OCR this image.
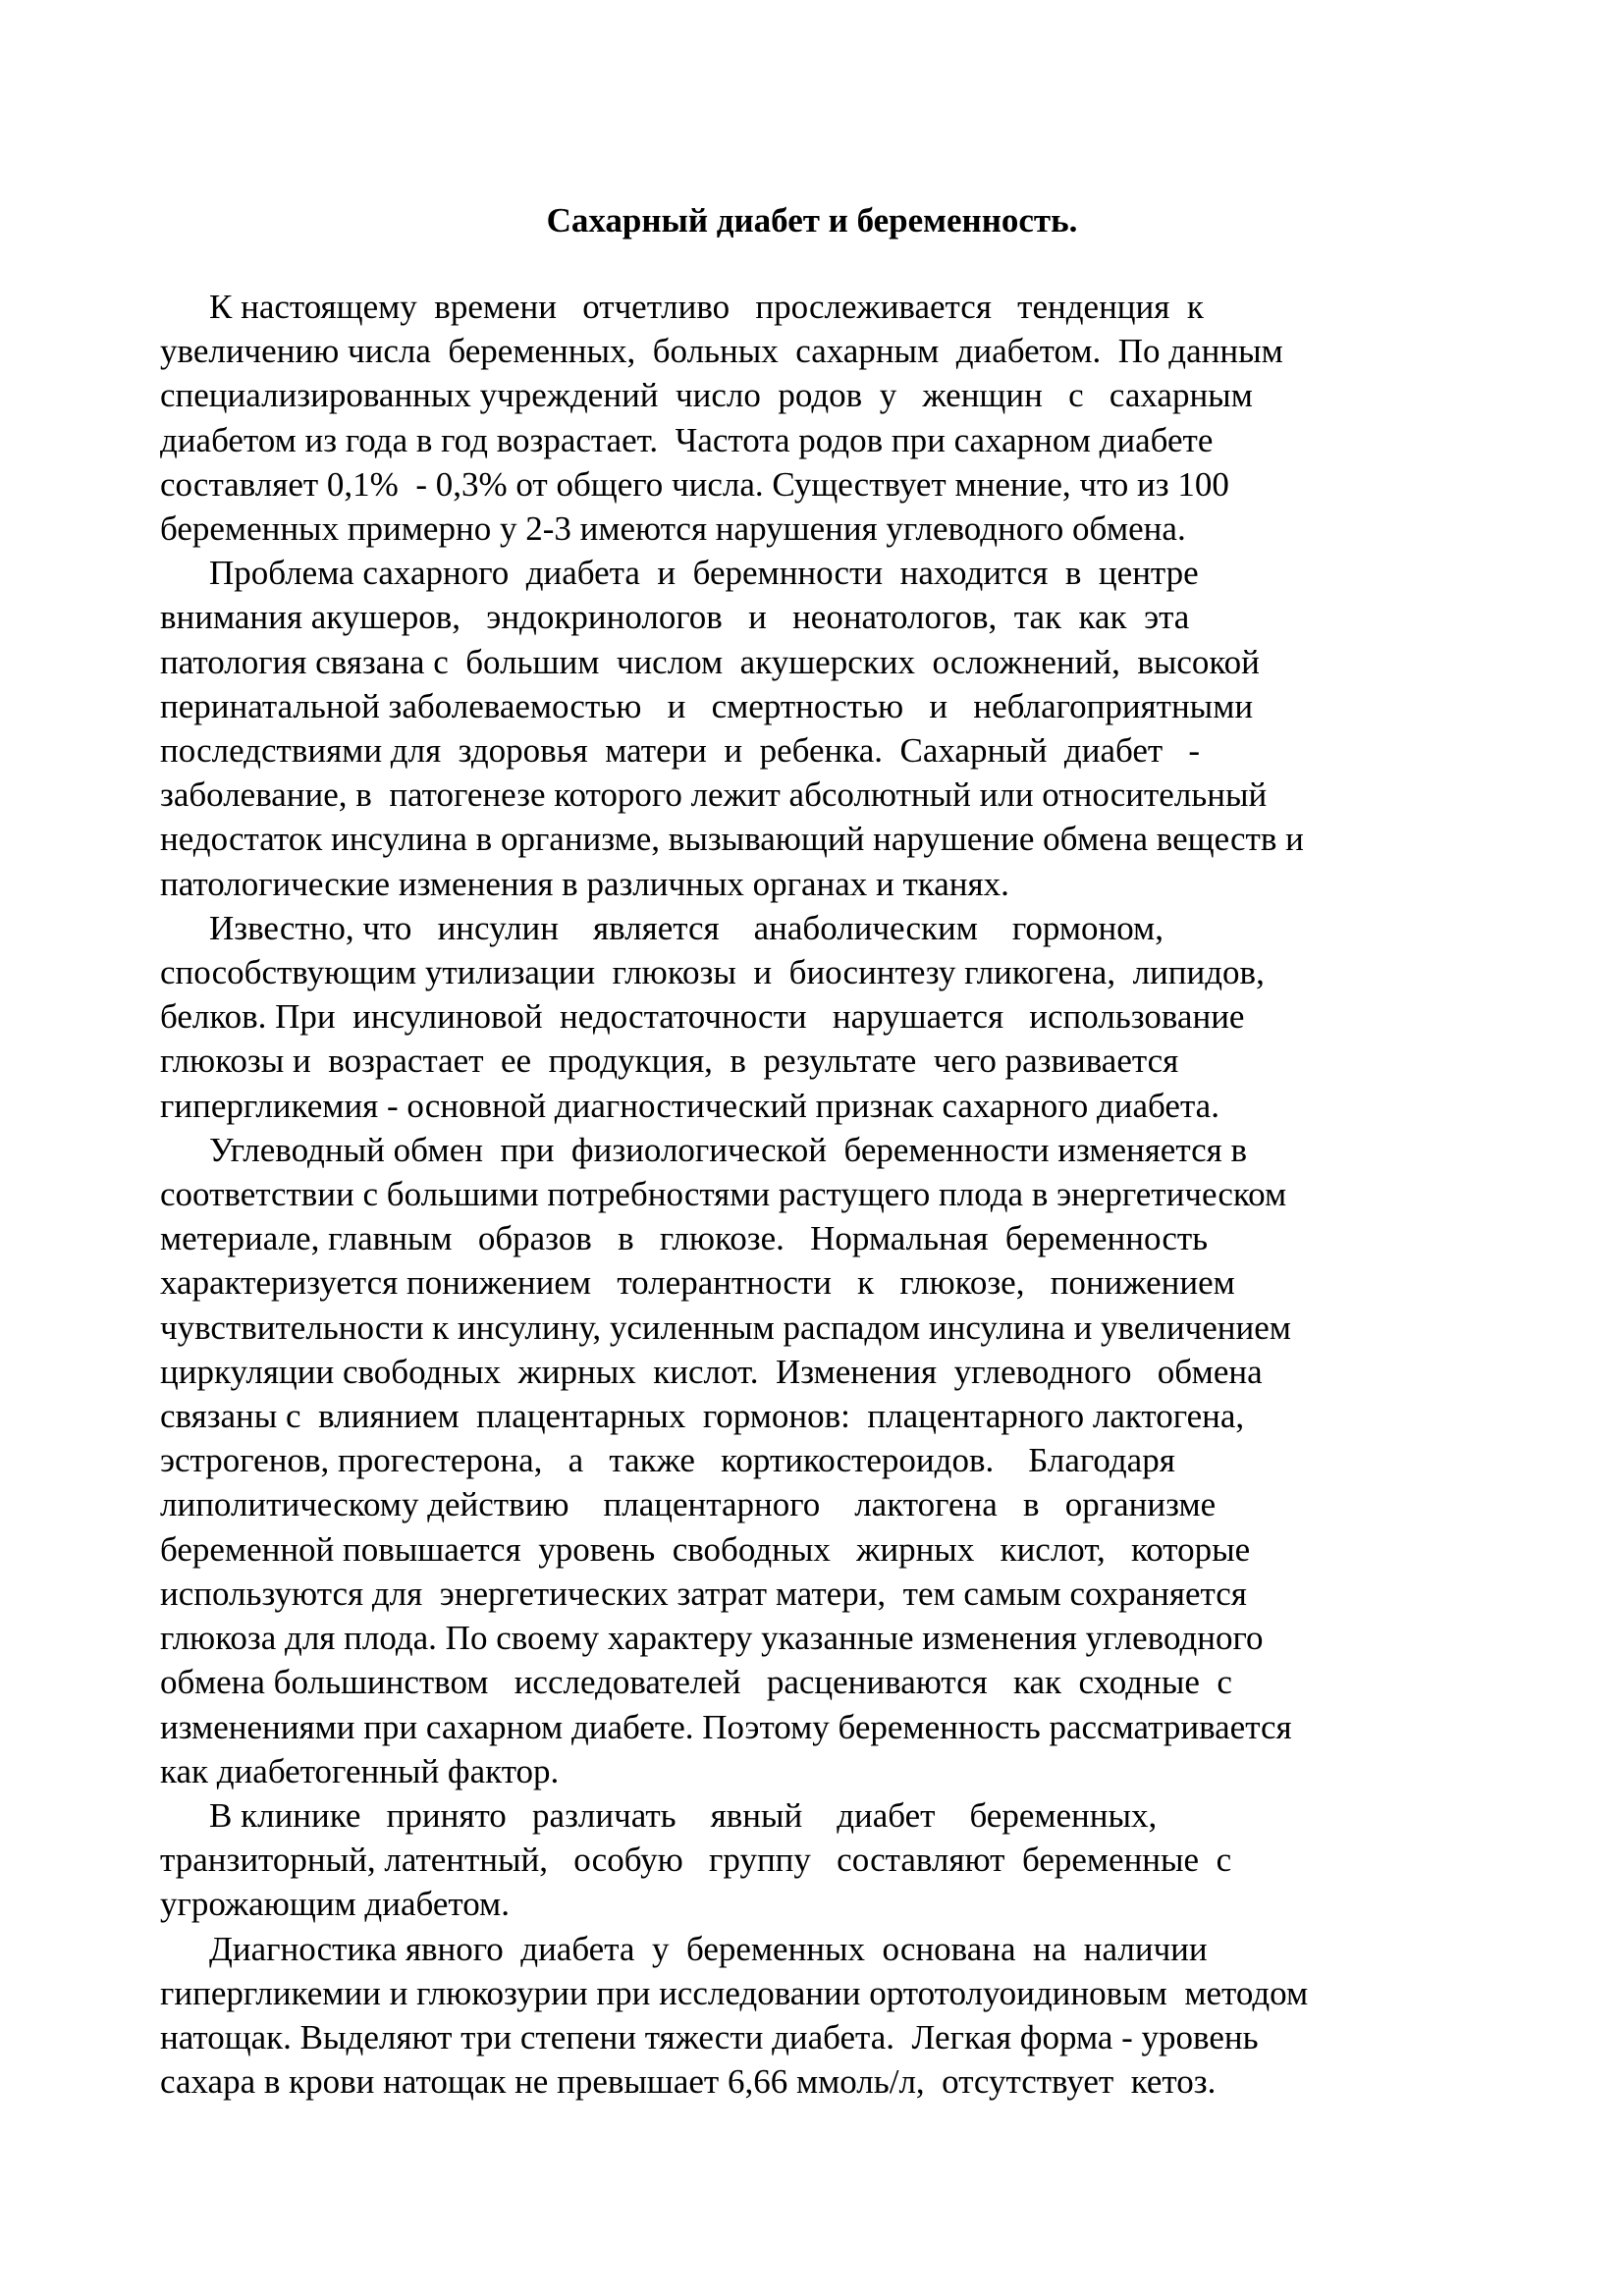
Сахарный диабет и беременность.

К настоящему  времени   отчетливо   прослеживается   тенденция  к
увеличению числа  беременных,  больных  сахарным  диабетом.  По данным
специализированных учреждений  число  родов  у   женщин   с   сахарным
диабетом из года в год возрастает.  Частота родов при сахарном диабете
составляет 0,1%  - 0,3% от общего числа. Существует мнение, что из 100
беременных примерно у 2-3 имеются нарушения углеводного обмена.

Проблема сахарного  диабета  и  беремнности  находится  в  центре
внимания акушеров,   эндокринологов   и   неонатологов,  так  как  эта
патология связана с  большим  числом  акушерских  осложнений,  высокой
перинатальной заболеваемостью   и   смертностью   и   неблагоприятными
последствиями для  здоровья  матери  и  ребенка.  Сахарный  диабет   -
заболевание, в  патогенезе которого лежит абсолютный или относительный
недостаток инсулина в организме, вызывающий нарушение обмена веществ и
патологические изменения в различных органах и тканях.

Известно, что   инсулин    является    анаболическим    гормоном,
способствующим утилизации  глюкозы  и  биосинтезу гликогена,  липидов,
белков. При  инсулиновой  недостаточности   нарушается   использование
глюкозы и  возрастает  ее  продукция,  в  результате  чего развивается
гипергликемия - основной диагностический признак сахарного диабета.

Углеводный обмен  при  физиологической  беременности изменяется в
соответствии с большими потребностями растущего плода в энергетическом
метериале, главным   образов   в   глюкозе.   Нормальная  беременность
характеризуется понижением   толерантности   к   глюкозе,   понижением
чувствительности к инсулину, усиленным распадом инсулина и увеличением
циркуляции свободных  жирных  кислот.  Изменения  углеводного   обмена
связаны с  влиянием  плацентарных  гормонов:  плацентарного лактогена,
эстрогенов, прогестерона,   а   также   кортикостероидов.    Благодаря
липолитическому действию    плацентарного    лактогена   в   организме
беременной повышается  уровень  свободных   жирных   кислот,   которые
используются для  энергетических затрат матери,  тем самым сохраняется
глюкоза для плода. По своему характеру указанные изменения углеводного
обмена большинством   исследователей   расцениваются   как  сходные  с
изменениями при сахарном диабете. Поэтому беременность рассматривается
как диабетогенный фактор.

В клинике   принято   различать    явный    диабет    беременных,
транзиторный, латентный,   особую   группу   составляют  беременные  с
угрожающим диабетом.

Диагностика явного  диабета  у  беременных  основана  на  наличии
гипергликемии и глюкозурии при исследовании ортотолуоидиновым  методом
натощак. Выделяют три степени тяжести диабета.  Легкая форма - уровень
сахара в крови натощак не превышает 6,66 ммоль/л,  отсутствует  кетоз.
